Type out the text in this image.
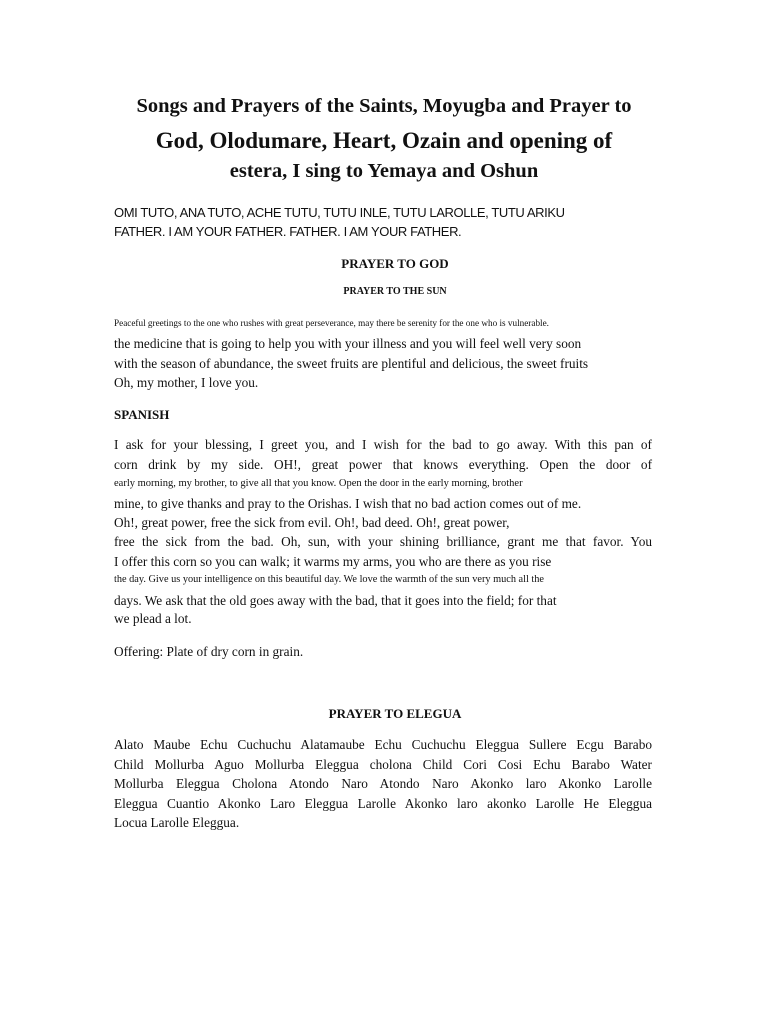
Songs and Prayers of the Saints, Moyugba and Prayer to
God, Olodumare, Heart, Ozain and opening of
estera, I sing to Yemaya and Oshun
OMI TUTO, ANA TUTO, ACHE TUTU, TUTU INLE, TUTU LAROLLE, TUTU ARIKU
FATHER. I AM YOUR FATHER. FATHER. I AM YOUR FATHER.
PRAYER TO GOD
PRAYER TO THE SUN
Peaceful greetings to the one who rushes with great perseverance, may there be serenity for the one who is vulnerable.
the medicine that is going to help you with your illness and you will feel well very soon
with the season of abundance, the sweet fruits are plentiful and delicious, the sweet fruits
Oh, my mother, I love you.
SPANISH
I ask for your blessing, I greet you, and I wish for the bad to go away. With this pan of
corn drink by my side. OH!, great power that knows everything. Open the door of
early morning, my brother, to give all that you know. Open the door in the early morning, brother
mine, to give thanks and pray to the Orishas. I wish that no bad action comes out of me.
Oh!, great power, free the sick from evil. Oh!, bad deed. Oh!, great power,
free the sick from the bad. Oh, sun, with your shining brilliance, grant me that favor. You
I offer this corn so you can walk; it warms my arms, you who are there as you rise
the day. Give us your intelligence on this beautiful day. We love the warmth of the sun very much all the
days. We ask that the old goes away with the bad, that it goes into the field; for that
we plead a lot.
Offering: Plate of dry corn in grain.
PRAYER TO ELEGUA
Alato Maube Echu Cuchuchu Alatamaube Echu Cuchuchu Eleggua Sullere Ecgu Barabo
Child Mollurba Aguo Mollurba Eleggua cholona Child Cori Cosi Echu Barabo Water
Mollurba Eleggua Cholona Atondo Naro Atondo Naro Akonko laro Akonko Larolle
Eleggua Cuantio Akonko Laro Eleggua Larolle Akonko laro akonko Larolle He Eleggua
Locua Larolle Eleggua.
